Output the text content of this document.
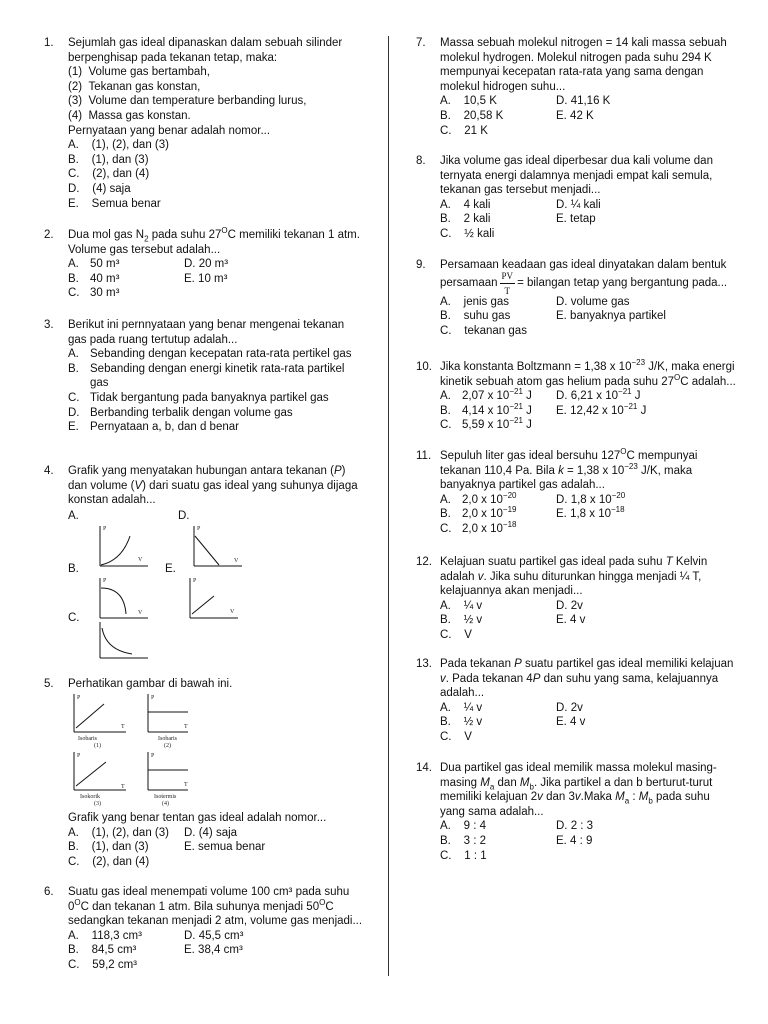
1. Sejumlah gas ideal dipanaskan dalam sebuah silinder
berpenghisap pada tekanan tetap, maka:
(1)  Volume gas bertambah,
(2)  Tekanan gas konstan,
(3)  Volume dan temperature berbanding lurus,
(4)  Massa gas konstan.
Pernyataan yang benar adalah nomor...
A.    (1), (2), dan (3)
B.    (1), dan (3)
C.    (2), dan (4)
D.    (4) saja
E.    Semua benar
2. Dua mol gas $N_2$ pada suhu $27^OC$ memiliki tekanan 1 atm.
Volume gas tersebut adalah...
A. 50 m³	D. 20 m³
B. 40 m³	E. 10 m³
C. 30 m³
3. Berikut ini pernnyataan yang benar mengenai tekanan
gas pada ruang tertutup adalah...
A. Sebanding dengan kecepatan rata-rata pertikel gas
B. Sebanding dengan energi kinetik rata-rata partikel
gas
C. Tidak bergantung pada banyaknya partikel gas
D. Berbanding terbalik dengan volume gas
E. Pernyataan a, b, dan d benar
4. Grafik yang menyatakan hubungan antara tekanan (P)
dan volume (V) dari suatu gas ideal yang suhunya dijaga
konstan adalah...
A.	D.
B.	E.
C.
P
V
P
V
P
V
P
V
5. Perhatikan gambar di bawah ini.
P
T
Isobaris
(1)
P
T
Isobaris
(2)
P
T
Isokorik
(3)
P
T
Isotermis
(4)
Grafik yang benar tentan gas ideal adalah nomor...
A.    (1), (2), dan (3)	D. (4) saja
B.    (1), dan (3)	E. semua benar
C.    (2), dan (4)
6. Suatu gas ideal menempati volume 100 cm³ pada suhu
$0^OC$ dan tekanan 1 atm. Bila suhunya menjadi $50^OC$
sedangkan tekanan menjadi 2 atm, volume gas menjadi...
A.    118,3 cm³	D. 45,5 cm³
B.    84,5 cm³	E. 38,4 cm³
C.    59,2 cm³
7. Massa sebuah molekul nitrogen = 14 kali massa sebuah
molekul hydrogen. Molekul nitrogen pada suhu 294 K
mempunyai kecepatan rata-rata yang sama dengan
molekul hidrogen suhu...
A.    10,5 K	D. 41,16 K
B.    20,58 K	E. 42 K
C.    21 K
8. Jika volume gas ideal diperbesar dua kali volume dan
ternyata energi dalamnya menjadi empat kali semula,
tekanan gas tersebut menjadi...
A.    4 kali	D. ¼ kali
B.    2 kali	E. tetap
C.    ½ kali
9. Persamaan keadaan gas ideal dinyatakan dalam bentuk
persamaan $\frac{PV}{T}$ = bilangan tetap yang bergantung pada...
A.    jenis gas	D. volume gas
B.    suhu gas	E. banyaknya partikel
C.    tekanan gas
10. Jika konstanta Boltzmann = 1,38 x $10^{-23}$ J/K, maka energi
kinetik sebuah atom gas helium pada suhu $27^OC$ adalah...
A. 2,07 x $10^{-21}$ J D. 6,21 x $10^{-21}$ J
B. 4,14 x $10^{-21}$ J E. 12,42 x $10^{-21}$ J
C. 5,59 x $10^{-21}$ J
11. Sepuluh liter gas ideal bersuhu $127^OC$ mempunyai
tekanan 110,4 Pa. Bila k = 1,38 x $10^{-23}$ J/K, maka
banyaknya partikel gas adalah...
A. 2,0 x $10^{-20}$	D. 1,8 x $10^{-20}$
B. 2,0 x $10^{-19}$	E. 1,8 x $10^{-18}$
C. 2,0 x $10^{-18}$
12. Kelajuan suatu partikel gas ideal pada suhu T Kelvin
adalah v. Jika suhu diturunkan hingga menjadi ¼ T,
kelajuannya akan menjadi...
A.    ¼ v	D. 2v
B.    ½ v	E. 4 v
C.    V
13. Pada tekanan P suatu partikel gas ideal memiliki kelajuan
v. Pada tekanan 4P dan suhu yang sama, kelajuannya
adalah...
A.    ¼ v	D. 2v
B.    ½ v	E. 4 v
C.    V
14. Dua partikel gas ideal memilik massa molekul masing-
masing $M_a$ dan $M_b$. Jika partikel a dan b berturut-turut
memiliki kelajuan 2v dan 3v.Maka $M_a$ : $M_b$ pada suhu
yang sama adalah...
A.    9 : 4	D. 2 : 3
B.    3 : 2	E. 4 : 9
C.    1 : 1
